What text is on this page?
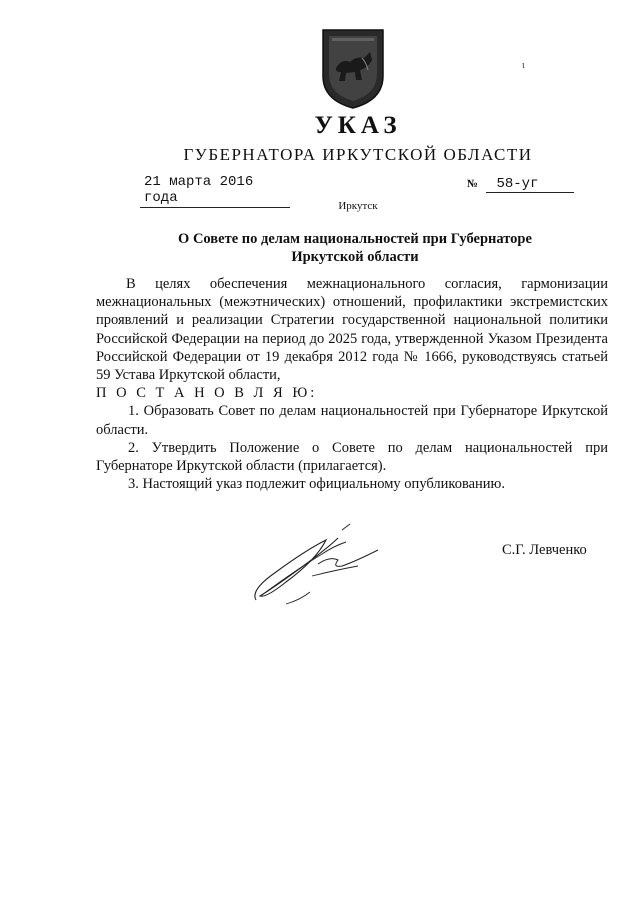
ι
УКАЗ
ГУБЕРНАТОРА ИРКУТСКОЙ ОБЛАСТИ
21 марта 2016 года
№ 58-уг
Иркутск
О Совете по делам национальностей при Губернаторе
Иркутской области

В целях обеспечения межнационального согласия, гармонизации межнациональных (межэтнических) отношений, профилактики экстремистских проявлений и реализации Стратегии государственной национальной политики Российской Федерации на период до 2025 года, утвержденной Указом Президента Российской Федерации от 19 декабря 2012 года № 1666, руководствуясь статьей 59 Устава Иркутской области,

П О С Т А Н О В Л Я Ю:

1. Образовать Совет по делам национальностей при Губернаторе Иркутской области.

2. Утвердить Положение о Совете по делам национальностей при Губернаторе Иркутской области (прилагается).

3. Настоящий указ подлежит официальному опубликованию.

С.Г. Левченко
